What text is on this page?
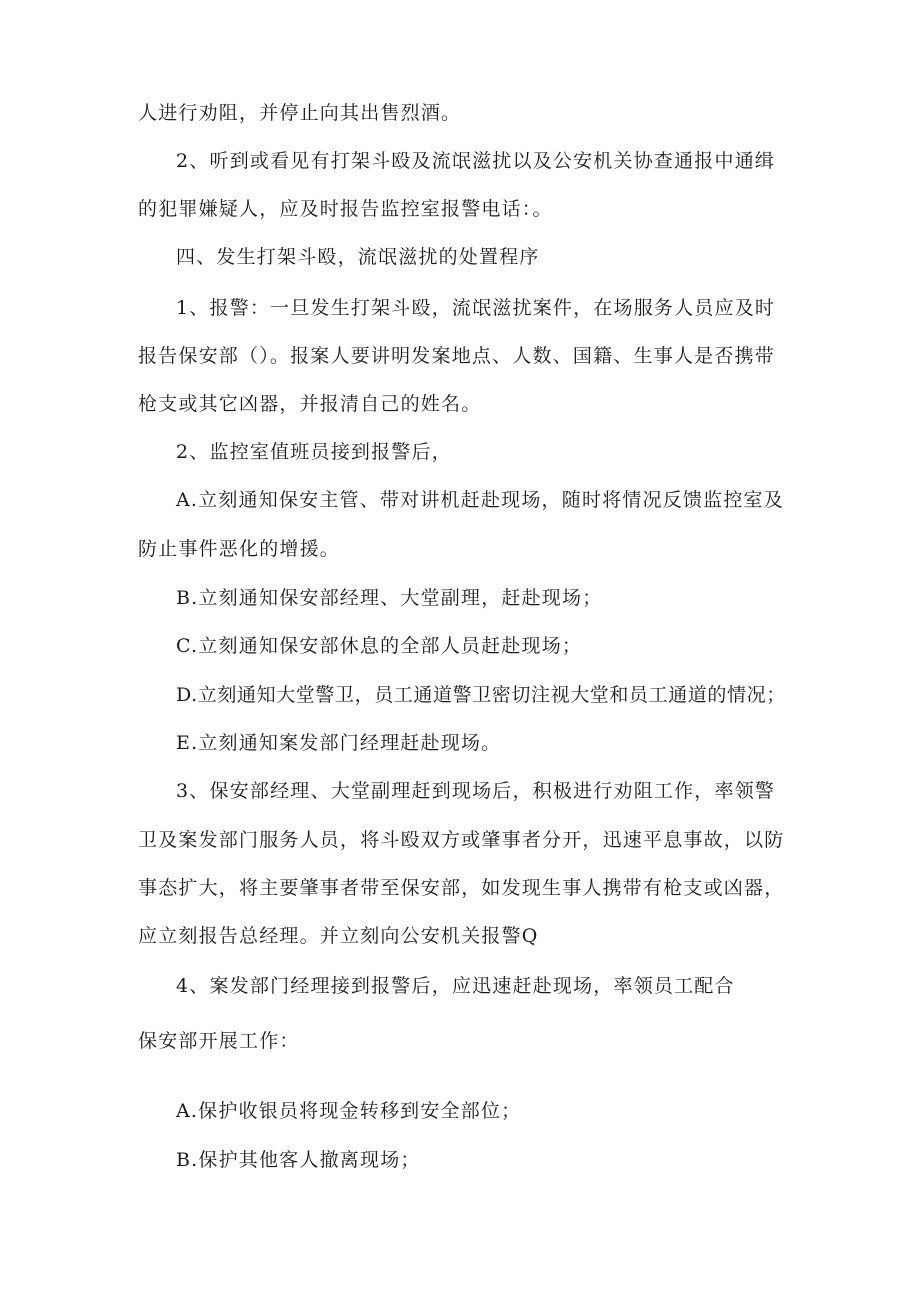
人进行劝阻，并停止向其出售烈酒。
2、听到或看见有打架斗殴及流氓滋扰以及公安机关协查通报中通缉
的犯罪嫌疑人，应及时报告监控室报警电话：。
四、发生打架斗殴，流氓滋扰的处置程序
1、报警：一旦发生打架斗殴，流氓滋扰案件，在场服务人员应及时
报告保安部（）。报案人要讲明发案地点、人数、国籍、生事人是否携带
枪支或其它凶器，并报清自己的姓名。
2、监控室值班员接到报警后，
A.立刻通知保安主管、带对讲机赶赴现场，随时将情况反馈监控室及
防止事件恶化的增援。
B.立刻通知保安部经理、大堂副理，赶赴现场；
C.立刻通知保安部休息的全部人员赶赴现场；
D.立刻通知大堂警卫，员工通道警卫密切注视大堂和员工通道的情况；
E.立刻通知案发部门经理赶赴现场。
3、保安部经理、大堂副理赶到现场后，积极进行劝阻工作，率领警
卫及案发部门服务人员，将斗殴双方或肇事者分开，迅速平息事故，以防
事态扩大，将主要肇事者带至保安部，如发现生事人携带有枪支或凶器，
应立刻报告总经理。并立刻向公安机关报警Q
4、案发部门经理接到报警后，应迅速赶赴现场，率领员工配合
保安部开展工作：
A.保护收银员将现金转移到安全部位；
B.保护其他客人撤离现场；
